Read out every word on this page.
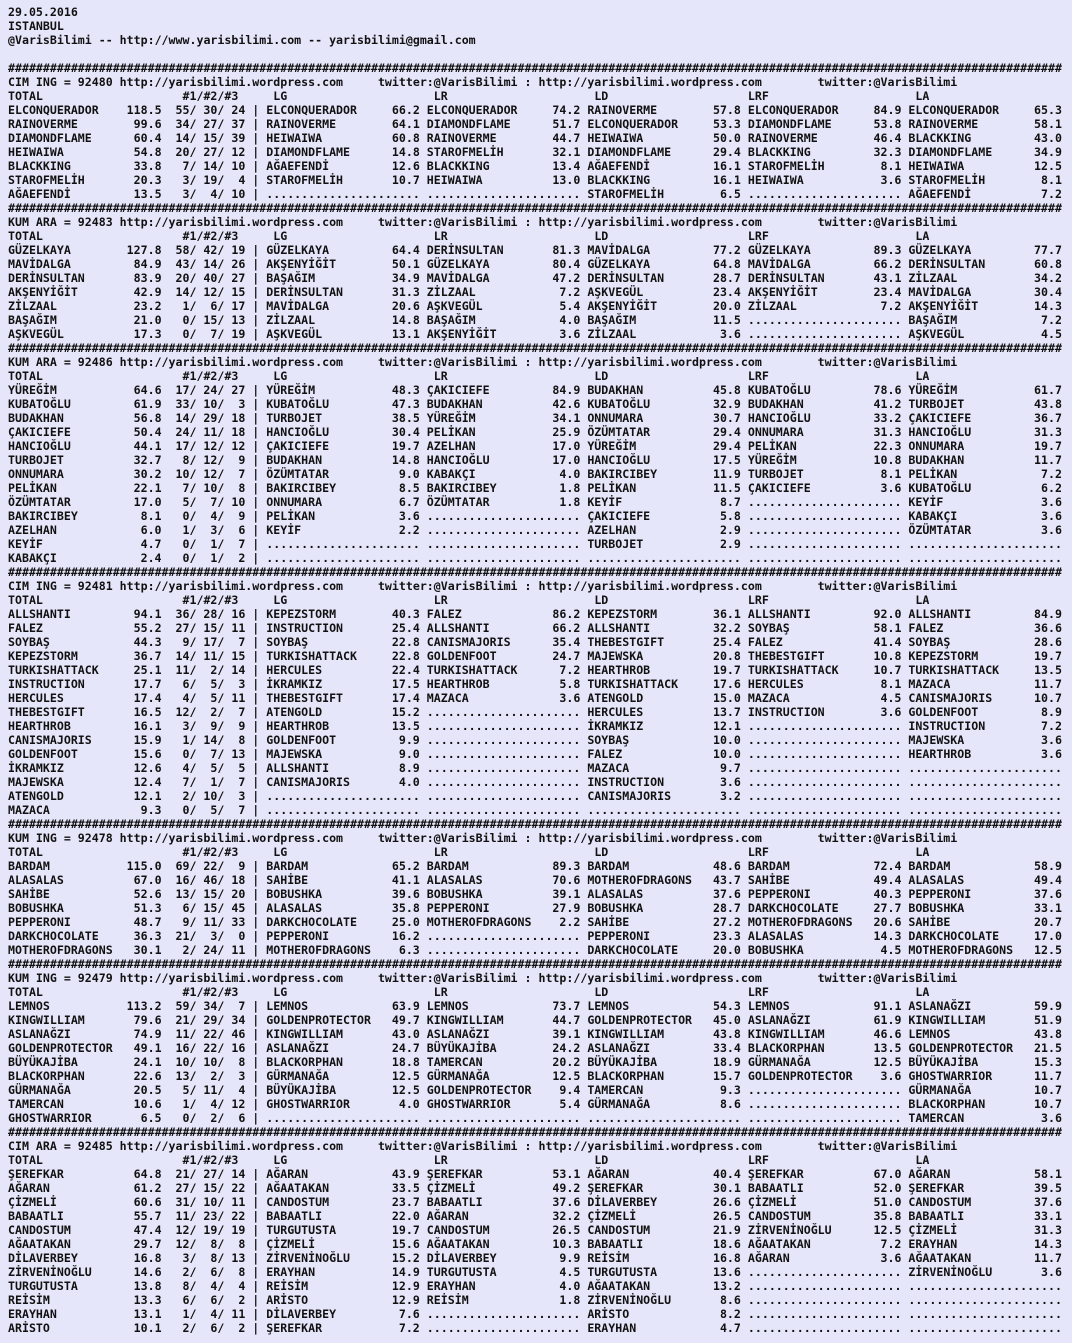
29.05.2016
ISTANBUL
@VarisBilimi -- http://www.yarisbilimi.com -- yarisbilimi@gmail.com
#######################################################################################################################################################
CIM ING = 92480 http://yarisbilimi.wordpress.com	twitter:@VarisBilimi : http://yarisbilimi.wordpress.com	twitter:@VarisBilimi
TOTAL	#1/#2/#3	LG	LR	LD	LRF	LA
ELCONQUERADOR 118.5	55 / 30 / 24 | ELCONQUERADOR	66.2 ELCONQUERADOR	74.2 RAINOVERME	57.8 ELCONQUERADOR	84.9 ELCONQUERADOR	65.3
RAINOVERME	99.6	34 / 27 / 37 | RAINOVERME	64.1 DIAMONDFLAME	51.7 ELCONQUERADOR	53.3 DIAMONDFLAME	53.8 RAINOVERME	58.1
DIAMONDFLAME	60.4	14 / 15 / 39 | HEIWAIWA	60.8 RAINOVERME	44.7 HEIWAIWA	50.0 RAINOVERME	46.4 BLACKKING	43.0
HEIWAIWA	54.8	20 / 27 / 12 | DIAMONDFLAME	14.8 STAROFMELİH	32.1 DIAMONDFLAME	29.4 BLACKKING	32.3 DIAMONDFLAME	34.9
BLACKKING	33.8	7 / 14 / 10 | AĞAEFENDİ	12.6 BLACKKING	13.4 AĞAEFENDİ	16.1 STAROFMELİH	8.1 HEIWAIWA	12.5
STAROFMELİH	20.3	3 / 19 /	4 | STAROFMELİH	10.7 HEIWAIWA	13.0 BLACKKING	16.1 HEIWAIWA	3.6 STAROFMELİH	8.1
AĞAEFENDİ	13.5	3 /	4 / 10 | ...................... ...................... STAROFMELİH	6.5 ...................... AĞAEFENDİ	7.2
#######################################################################################################################################################
KUM ARA = 92483 http://yarisbilimi.wordpress.com	twitter:@VarisBilimi : http://yarisbilimi.wordpress.com	twitter:@VarisBilimi
TOTAL	#1/#2/#3	LG	LR	LD	LRF	LA
GÜZELKAYA	127.8	58 / 42 / 19 | GÜZELKAYA	64.4 DERİNSULTAN	81.3 MAVİDALGA	77.2 GÜZELKAYA	89.3 GÜZELKAYA	77.7
MAVİDALGA	84.9	43 / 14 / 26 | AKŞENYİĞİT	50.1 GÜZELKAYA	80.4 GÜZELKAYA	64.8 MAVİDALGA	66.2 DERİNSULTAN	60.8
DERİNSULTAN	83.9	20 / 40 / 27 | BAŞAĞIM	34.9 MAVİDALGA	47.2 DERİNSULTAN	28.7 DERİNSULTAN	43.1 ZİLZAAL	34.2
AKŞENYİĞİT	42.9	14 / 12 / 15 | DERİNSULTAN	31.3 ZİLZAAL	7.2 AŞKVEGÜL	23.4 AKŞENYİĞİT	23.4 MAVİDALGA	30.4
ZİLZAAL	23.2	1 /	6 / 17 | MAVİDALGA	20.6 AŞKVEGÜL	5.4 AKŞENYİĞİT	20.0 ZİLZAAL	7.2 AKŞENYİĞİT	14.3
BAŞAĞIM	21.0	0 / 15 / 13 | ZİLZAAL	14.8 BAŞAĞIM	4.0 BAŞAĞIM	11.5 ...................... BAŞAĞIM	7.2
AŞKVEGÜL	17.3	0 /	7 / 19 | AŞKVEGÜL	13.1 AKŞENYİĞİT	3.6 ZİLZAAL	3.6 ...................... AŞKVEGÜL	4.5
#######################################################################################################################################################
KUM ARA = 92486 http://yarisbilimi.wordpress.com	twitter:@VarisBilimi : http://yarisbilimi.wordpress.com	twitter:@VarisBilimi
TOTAL	#1/#2/#3	LG	LR	LD	LRF	LA
YÜREĞİM	64.6	17 / 24 / 27 | YÜREĞİM	48.3 ÇAKICIEFE	84.9 BUDAKHAN	45.8 KUBATOĞLU	78.6 YÜREĞİM	61.7
KUBATOĞLU	61.9	33 / 10 /	3 | KUBATOĞLU	47.3 BUDAKHAN	42.6 KUBATOĞLU	32.9 BUDAKHAN	41.2 TURBOJET	43.8
BUDAKHAN	56.8	14 / 29 / 18 | TURBOJET	38.5 YÜREĞİM	34.1 ONNUMARA	30.7 HANCIOĞLU	33.2 ÇAKICIEFE	36.7
ÇAKICIEFE	50.4	24 / 11 / 18 | HANCIOĞLU	30.4 PELİKAN	25.9 ÖZÜMTATAR	29.4 ONNUMARA	31.3 HANCIOĞLU	31.3
HANCIOĞLU	44.1	17 / 12 / 12 | ÇAKICIEFE	19.7 AZELHAN	17.0 YÜREĞİM	29.4 PELİKAN	22.3 ONNUMARA	19.7
TURBOJET	32.7	8 / 12 /	9 | BUDAKHAN	14.8 HANCIOĞLU	17.0 HANCIOĞLU	17.5 YÜREĞİM	10.8 BUDAKHAN	11.7
ONNUMARA	30.2	10 / 12 /	7 | ÖZÜMTATAR	9.0 KABAKÇI	4.0 BAKIRCIBEY	11.9 TURBOJET	8.1 PELİKAN	7.2
PELİKAN	22.1	7 / 10 /	8 | BAKIRCIBEY	8.5 BAKIRCIBEY	1.8 PELİKAN	11.5 ÇAKICIEFE	3.6 KUBATOĞLU	6.2
ÖZÜMTATAR	17.0	5 /	7 / 10 | ONNUMARA	6.7 ÖZÜMTATAR	1.8 KEYİF	8.7 ...................... KEYİF	3.6
BAKIRCIBEY	8.1	0 /	4 /	9 | PELİKAN	3.6 ...................... ÇAKICIEFE	5.8 ...................... KABAKÇI	3.6
AZELHAN	6.0	1 /	3 /	6 | KEYİF	2.2 ...................... AZELHAN	2.9 ...................... ÖZÜMTATAR	3.6
KEYİF	4.7	0 /	1 /	7 | ...................... ...................... TURBOJET	2.9 ...................... ......................
KABAKÇI	2.4	0 /	1 /	2 | ...................... ...................... ...................... ...................... ......................
#######################################################################################################################################################
CIM ING = 92481 http://yarisbilimi.wordpress.com	twitter:@VarisBilimi : http://yarisbilimi.wordpress.com	twitter:@VarisBilimi
TOTAL	#1/#2/#3	LG	LR	LD	LRF	LA
ALLSHANTI	94.1	36 / 28 / 16 | KEPEZSTORM	40.3 FALEZ	86.2 KEPEZSTORM	36.1 ALLSHANTI	92.0 ALLSHANTI	84.9
FALEZ	55.2	27 / 15 / 11 | INSTRUCTION	25.4 ALLSHANTI	66.2 ALLSHANTI	32.2 SOYBAŞ	58.1 FALEZ	36.6
SOYBAŞ	44.3	9 / 17 /	7 | SOYBAŞ	22.8 CANISMAJORIS	35.4 THEBESTGIFT	25.4 FALEZ	41.4 SOYBAŞ	28.6
KEPEZSTORM	36.7	14 / 11 / 15 | TURKISHATTACK	22.8 GOLDENFOOT	24.7 MAJEWSKA	20.8 THEBESTGIFT	10.8 KEPEZSTORM	19.7
TURKISHATTACK	25.1	11 /	2 / 14 | HERCULES	22.4 TURKISHATTACK	7.2 HEARTHROB	19.7 TURKISHATTACK	10.7 TURKISHATTACK	13.5
INSTRUCTION	17.7	6 /	5 /	3 | İKRAMKIZ	17.5 HEARTHROB	5.8 TURKISHATTACK	17.6 HERCULES	8.1 MAZACA	11.7
HERCULES	17.4	4 /	5 / 11 | THEBESTGIFT	17.4 MAZACA	3.6 ATENGOLD	15.0 MAZACA	4.5 CANISMAJORIS	10.7
THEBESTGIFT	16.5	12 /	2 /	7 | ATENGOLD	15.2 ...................... HERCULES	13.7 INSTRUCTION	3.6 GOLDENFOOT	8.9
HEARTHROB	16.1	3 /	9 /	9 | HEARTHROB	13.5 ...................... İKRAMKIZ	12.1 ...................... INSTRUCTION	7.2
CANISMAJORIS	15.9	1 / 14 /	8 | GOLDENFOOT	9.9 ...................... SOYBAŞ	10.0 ...................... MAJEWSKA	3.6
GOLDENFOOT	15.6	0 /	7 / 13 | MAJEWSKA	9.0 ...................... FALEZ	10.0 ...................... HEARTHROB	3.6
İKRAMKIZ	12.6	4 /	5 /	5 | ALLSHANTI	8.9 ...................... MAZACA	9.7 ...................... ......................
MAJEWSKA	12.4	7 /	1 /	7 | CANISMAJORIS	4.0 ...................... INSTRUCTION	3.6 ...................... ......................
ATENGOLD	12.1	2 / 10 /	3 | ...................... ...................... CANISMAJORIS	3.2 ...................... ......................
MAZACA	9.3	0 /	5 /	7 | ...................... ...................... ...................... ...................... ......................
#######################################################################################################################################################
KUM ING = 92478 http://yarisbilimi.wordpress.com	twitter:@VarisBilimi : http://yarisbilimi.wordpress.com	twitter:@VarisBilimi
TOTAL	#1/#2/#3	LG	LR	LD	LRF	LA
BARDAM	115.0	69 / 22 /	9 | BARDAM	65.2 BARDAM	89.3 BARDAM	48.6 BARDAM	72.4 BARDAM	58.9
ALASALAS	67.0	16 / 46 / 18 | SAHİBE	41.1 ALASALAS	70.6 MOTHEROFDRAGONS	43.7 SAHİBE	49.4 ALASALAS	49.4
SAHİBE	52.6	13 / 15 / 20 | BOBUSHKA	39.6 BOBUSHKA	39.1 ALASALAS	37.6 PEPPERONI	40.3 PEPPERONI	37.6
BOBUSHKA	51.3	6 / 15 / 45 | ALASALAS	35.8 PEPPERONI	27.9 BOBUSHKA	28.7 DARKCHOCOLATE	27.7 BOBUSHKA	33.1
PEPPERONI	48.7	9 / 11 / 33 | DARKCHOCOLATE	25.0 MOTHEROFDRAGONS	2.2 SAHİBE	27.2 MOTHEROFDRAGONS	20.6 SAHİBE	20.7
DARKCHOCOLATE	36.3	21 /	3 /	0 | PEPPERONI	16.2 ...................... PEPPERONI	23.3 ALASALAS	14.3 DARKCHOCOLATE	17.0
MOTHEROFDRAGONS	30.1	2 / 24 / 11 | MOTHEROFDRAGONS	6.3 ...................... DARKCHOCOLATE	20.0 BOBUSHKA	4.5 MOTHEROFDRAGONS	12.5
#######################################################################################################################################################
KUM ING = 92479 http://yarisbilimi.wordpress.com	twitter:@VarisBilimi : http://yarisbilimi.wordpress.com	twitter:@VarisBilimi
TOTAL	#1/#2/#3	LG	LR	LD	LRF	LA
LEMNOS	113.2	59 / 34 /	7 | LEMNOS	63.9 LEMNOS	73.7 LEMNOS	54.3 LEMNOS	91.1 ASLANAĞZI	59.9
KINGWILLIAM	79.6	21 / 29 / 34 | GOLDENPROTECTOR	49.7 KINGWILLIAM	44.7 GOLDENPROTECTOR	45.0 ASLANAĞZI	61.9 KINGWILLIAM	51.9
ASLANAĞZI	74.9	11 / 22 / 46 | KINGWILLIAM	43.0 ASLANAĞZI	39.1 KINGWILLIAM	43.8 KINGWILLIAM	46.6 LEMNOS	43.8
GOLDENPROTECTOR	49.1	16 / 22 / 16 | ASLANAĞZI	24.7 BÜYÜKAJİBA	24.2 ASLANAĞZI	33.4 BLACKORPHAN	13.5 GOLDENPROTECTOR	21.5
BÜYÜKAJİBA	24.1	10 / 10 /	8 | BLACKORPHAN	18.8 TAMERCAN	20.2 BÜYÜKAJİBA	18.9 GÜRMANAĞA	12.5 BÜYÜKAJİBA	15.3
BLACKORPHAN	22.6	13 /	2 /	3 | GÜRMANAĞA	12.5 GÜRMANAĞA	12.5 BLACKORPHAN	15.7 GOLDENPROTECTOR	3.6 GHOSTWARRIOR	11.7
GÜRMANAĞA	20.5	5 / 11 /	4 | BÜYÜKAJİBA	12.5 GOLDENPROTECTOR	9.4 TAMERCAN	9.3 ...................... GÜRMANAĞA	10.7
TAMERCAN	10.6	1 /	4 / 12 | GHOSTWARRIOR	4.0 GHOSTWARRIOR	5.4 GÜRMANAĞA	8.6 ...................... BLACKORPHAN	10.7
GHOSTWARRIOR	6.5	0 /	2 /	6 | ...................... ...................... ...................... ...................... TAMERCAN	3.6
#######################################################################################################################################################
CIM ARA = 92485 http://yarisbilimi.wordpress.com	twitter:@VarisBilimi : http://yarisbilimi.wordpress.com	twitter:@VarisBilimi
TOTAL	#1/#2/#3	LG	LR	LD	LRF	LA
ŞEREFKAR	64.8	21 / 27 / 14 | AĞARAN	43.9 ŞEREFKAR	53.1 AĞARAN	40.4 ŞEREFKAR	67.0 AĞARAN	58.1
AĞARAN	61.2	27 / 15 / 22 | AĞAATAKAN	33.5 ÇİZMELİ	49.2 ŞEREFKAR	30.1 BABAATLI	52.0 ŞEREFKAR	39.5
ÇİZMELİ	60.6	31 / 10 / 11 | CANDOSTUM	23.7 BABAATLI	37.6 DİLAVERBEY	26.6 ÇİZMELİ	51.0 CANDOSTUM	37.6
BABAATLI	55.7	11 / 23 / 22 | BABAATLI	22.0 AĞARAN	32.2 ÇİZMELİ	26.5 CANDOSTUM	35.8 BABAATLI	33.1
CANDOSTUM	47.4	12 / 19 / 19 | TURGUTUSTA	19.7 CANDOSTUM	26.5 CANDOSTUM	21.9 ZİRVENİNOĞLU	12.5 ÇİZMELİ	31.3
AĞAATAKAN	29.7	12 /	8 /	8 | ÇİZMELİ	15.6 AĞAATAKAN	10.3 BABAATLI	18.6 AĞAATAKAN	7.2 ERAYHAN	14.3
DİLAVERBEY	16.8	3 /	8 / 13 | ZİRVENİNOĞLU	15.2 DİLAVERBEY	9.9 REİSİM	16.8 AĞARAN	3.6 AĞAATAKAN	11.7
ZİRVENİNOĞLU	14.6	2 /	6 /	8 | ERAYHAN	14.9 TURGUTUSTA	4.5 TURGUTUSTA	13.6 ...................... ZİRVENİNOĞLU	3.6
TURGUTUSTA	13.8	8 /	4 /	4 | REİSİM	12.9 ERAYHAN	4.0 AĞAATAKAN	13.2 ...................... ......................
REİSİM	13.3	6 /	6 /	2 | ARİSTO	12.9 REİSİM	1.8 ZİRVENİNOĞLU	8.6 ...................... ......................
ERAYHAN	13.1	1 /	4 / 11 | DİLAVERBEY	7.6 ...................... ARİSTO	8.2 ...................... ......................
ARİSTO	10.1	2 /	6 /	2 | ŞEREFKAR	7.2 ...................... ERAYHAN	4.7 ...................... ......................
